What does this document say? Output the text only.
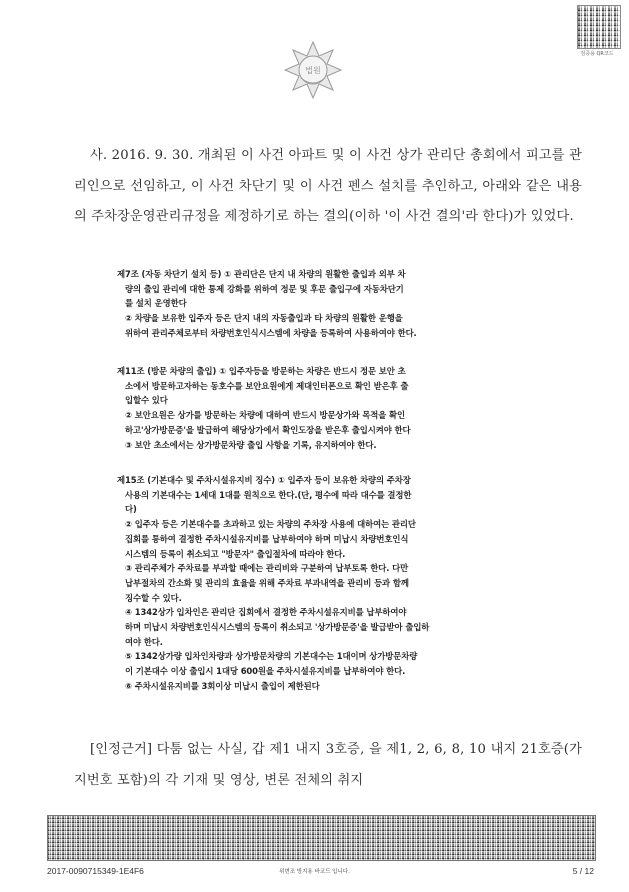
검증용 QR코드
법원

사. 2016. 9. 30. 개최된 이 사건 아파트 및 이 사건 상가 관리단 총회에서 피고를 관리인으로 선임하고, 이 사건 차단기 및 이 사건 펜스 설치를 추인하고, 아래와 같은 내용의 주차장운영관리규정을 제정하기로 하는 결의(이하 '이 사건 결의'라 한다)가 있었다.

제7조 (자동 차단기 설치 등) ① 관리단은 단지 내 차량의 원활한 출입과 외부 차

량의 출입 관리에 대한 통제 강화를 위하여 정문 및 후문 출입구에 자동차단기

를 설치 운영한다

② 차량을 보유한 입주자 등은 단지 내의 자동출입과 타 차량의 원활한 운행을

위하여 관리주체로부터 차량번호인식시스템에 차량을 등록하여 사용하여야 한다.

제11조 (방문 차량의 출입) ① 입주자등을 방문하는 차량은 반드시 정문 보안 초

소에서 방문하고자하는 동호수를 보안요원에게 제대인터폰으로 확인 받은후 출

입할수 있다

② 보안요원은 상가를 방문하는 차량에 대하여 반드시 방문상가와 목적을 확인

하고'상가방문증'을 발급하여 해당상가에서 확인도장을 받은후 출입시켜야 한다

③ 보안 초소에서는 상가방문차량 출입 사항을 기록, 유지하여야 한다.

제15조 (기본대수 및 주차시설유지비 징수) ① 입주자 등이 보유한 차량의 주차장

사용의 기본대수는 1세대 1대를 원칙으로 한다.(단, 평수에 따라 대수를 결정한

다)

② 입주자 등은 기본대수를 초과하고 있는 차량의 주차장 사용에 대하여는 관리단

집회를 통하여 결정한 주차시설유지비를 납부하여야 하며 미납시 차량번호인식

시스템의 등록이 취소되고 "방문자" 출입절차에 따라야 한다.

③ 관리주체가 주차료를 부과할 때에는 관리비와 구분하여 납부토록 한다. 다만

납부절차의 간소화 및 관리의 효율을 위해 주차료 부과내역을 관리비 등과 함께

징수할 수 있다.

④ 1342상가 입차인은 관리단 집회에서 결정한 주차시설유지비를 납부하여야

하며 미납시 차량번호인식시스템의 등록이 취소되고 '상가방문증'을 발급받아 출입하

여야 한다.

⑤ 1342상가량 입차인차량과 상가방문차량의 기본대수는 1대이며 상가방문차량

이 기본대수 이상 출입시 1대당 600원을 주차시설유지비를 납부하여야 한다.

⑥ 주차시설유지비를 3회이상 미납시 출입이 제한된다

[인정근거] 다툼 없는 사실, 갑 제1 내지 3호증, 을 제1, 2, 6, 8, 10 내지 21호증(가지번호 포함)의 각 기재 및 영상, 변론 전체의 취지

2017-0090715349-1E4F6	위변조 방지용 바코드 입니다.	5 / 12
